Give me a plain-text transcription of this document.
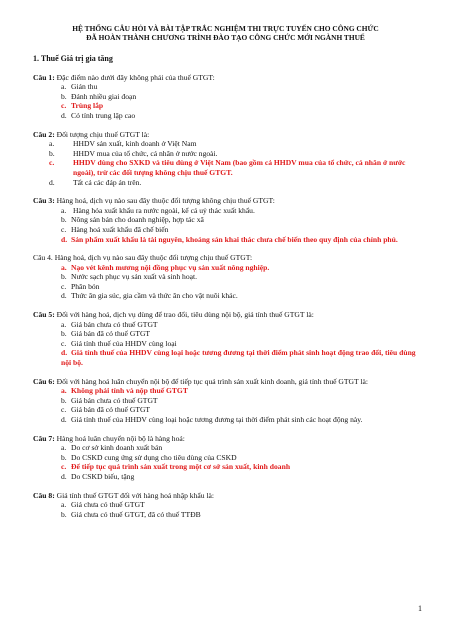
HỆ THỐNG CÂU HỎI VÀ BÀI TẬP TRẮC NGHIỆM THI TRỰC TUYẾN CHO CÔNG CHỨC
ĐÃ HOÀN THÀNH CHƯƠNG TRÌNH ĐÀO TẠO CÔNG CHỨC MỚI NGÀNH THUẾ
1. Thuế Giá trị gia tăng

Câu 1: Đặc điểm nào dưới đây không phải của thuế GTGT:

a. Gián thu

b. Đánh nhiều giai đoạn

c. Trùng lắp

d. Có tính trung lập cao

Câu 2: Đối tượng chịu thuế GTGT là:

a. HHDV sản xuất, kinh doanh ở Việt Nam

b. HHDV mua của tổ chức, cá nhân ở nước ngoài.

c. HHDV dùng cho SXKD và tiêu dùng ở Việt Nam (bao gồm cả HHDV mua của tổ chức, cá nhân ở nước ngoài), trừ các đối tượng không chịu thuế GTGT.

d. Tất cả các đáp án trên.

Câu 3: Hàng hoá, dịch vụ nào sau đây thuộc đối tượng không chịu thuế GTGT:

a. Hàng hóa xuất khẩu ra nước ngoài, kể cả uỷ thác xuất khẩu.

b. Nông sản bán cho doanh nghiệp, hợp tác xã

c. Hàng hoá xuất khẩu đã chế biến

d. Sản phẩm xuất khẩu là tài nguyên, khoáng sản khai thác chưa chế biến theo quy định của chính phủ.

Câu 4. Hàng hoá, dịch vụ nào sau đây thuộc đối tượng chịu thuế GTGT:

a. Nạo vét kênh mương nội đồng phục vụ sản xuất nông nghiệp.

b. Nước sạch phục vụ sản xuất và sinh hoạt.

c. Phân bón

d. Thức ăn gia súc, gia cầm và thức ăn cho vật nuôi khác.

Câu 5: Đối với hàng hoá, dịch vụ dùng để trao đổi, tiêu dùng nội bộ, giá tính thuế GTGT là:

a. Giá bán chưa có thuế GTGT

b. Giá bán đã có thuế GTGT

c. Giá tính thuế của HHDV cùng loại

d. Giá tính thuế của HHDV cùng loại hoặc tương đương tại thời điểm phát sinh hoạt động trao đổi, tiêu dùng nội bộ.

Câu 6: Đối với hàng hoá luân chuyển nội bộ để tiếp tục quá trình sản xuất kinh doanh, giá tính thuế GTGT là:

a. Không phải tính và nộp thuế GTGT

b. Giá bán chưa có thuế GTGT

c. Giá bán đã có thuế GTGT

d. Giá tính thuế của HHDV cùng loại hoặc tương đương tại thời điểm phát sinh các hoạt động này.

Câu 7: Hàng hoá luân chuyển nội bộ là hàng hoá:

a. Do cơ sở kinh doanh xuất bán

b. Do CSKD cung ứng sử dụng cho tiêu dùng của CSKD

c. Để tiếp tục quá trình sản xuất trong một cơ sở sản xuất, kinh doanh

d. Do CSKD biếu, tặng

Câu 8: Giá tính thuế GTGT đối với hàng hoá nhập khẩu là:

a. Giá chưa có thuế GTGT

b. Giá chưa có thuế GTGT, đã có thuế TTĐB

1
